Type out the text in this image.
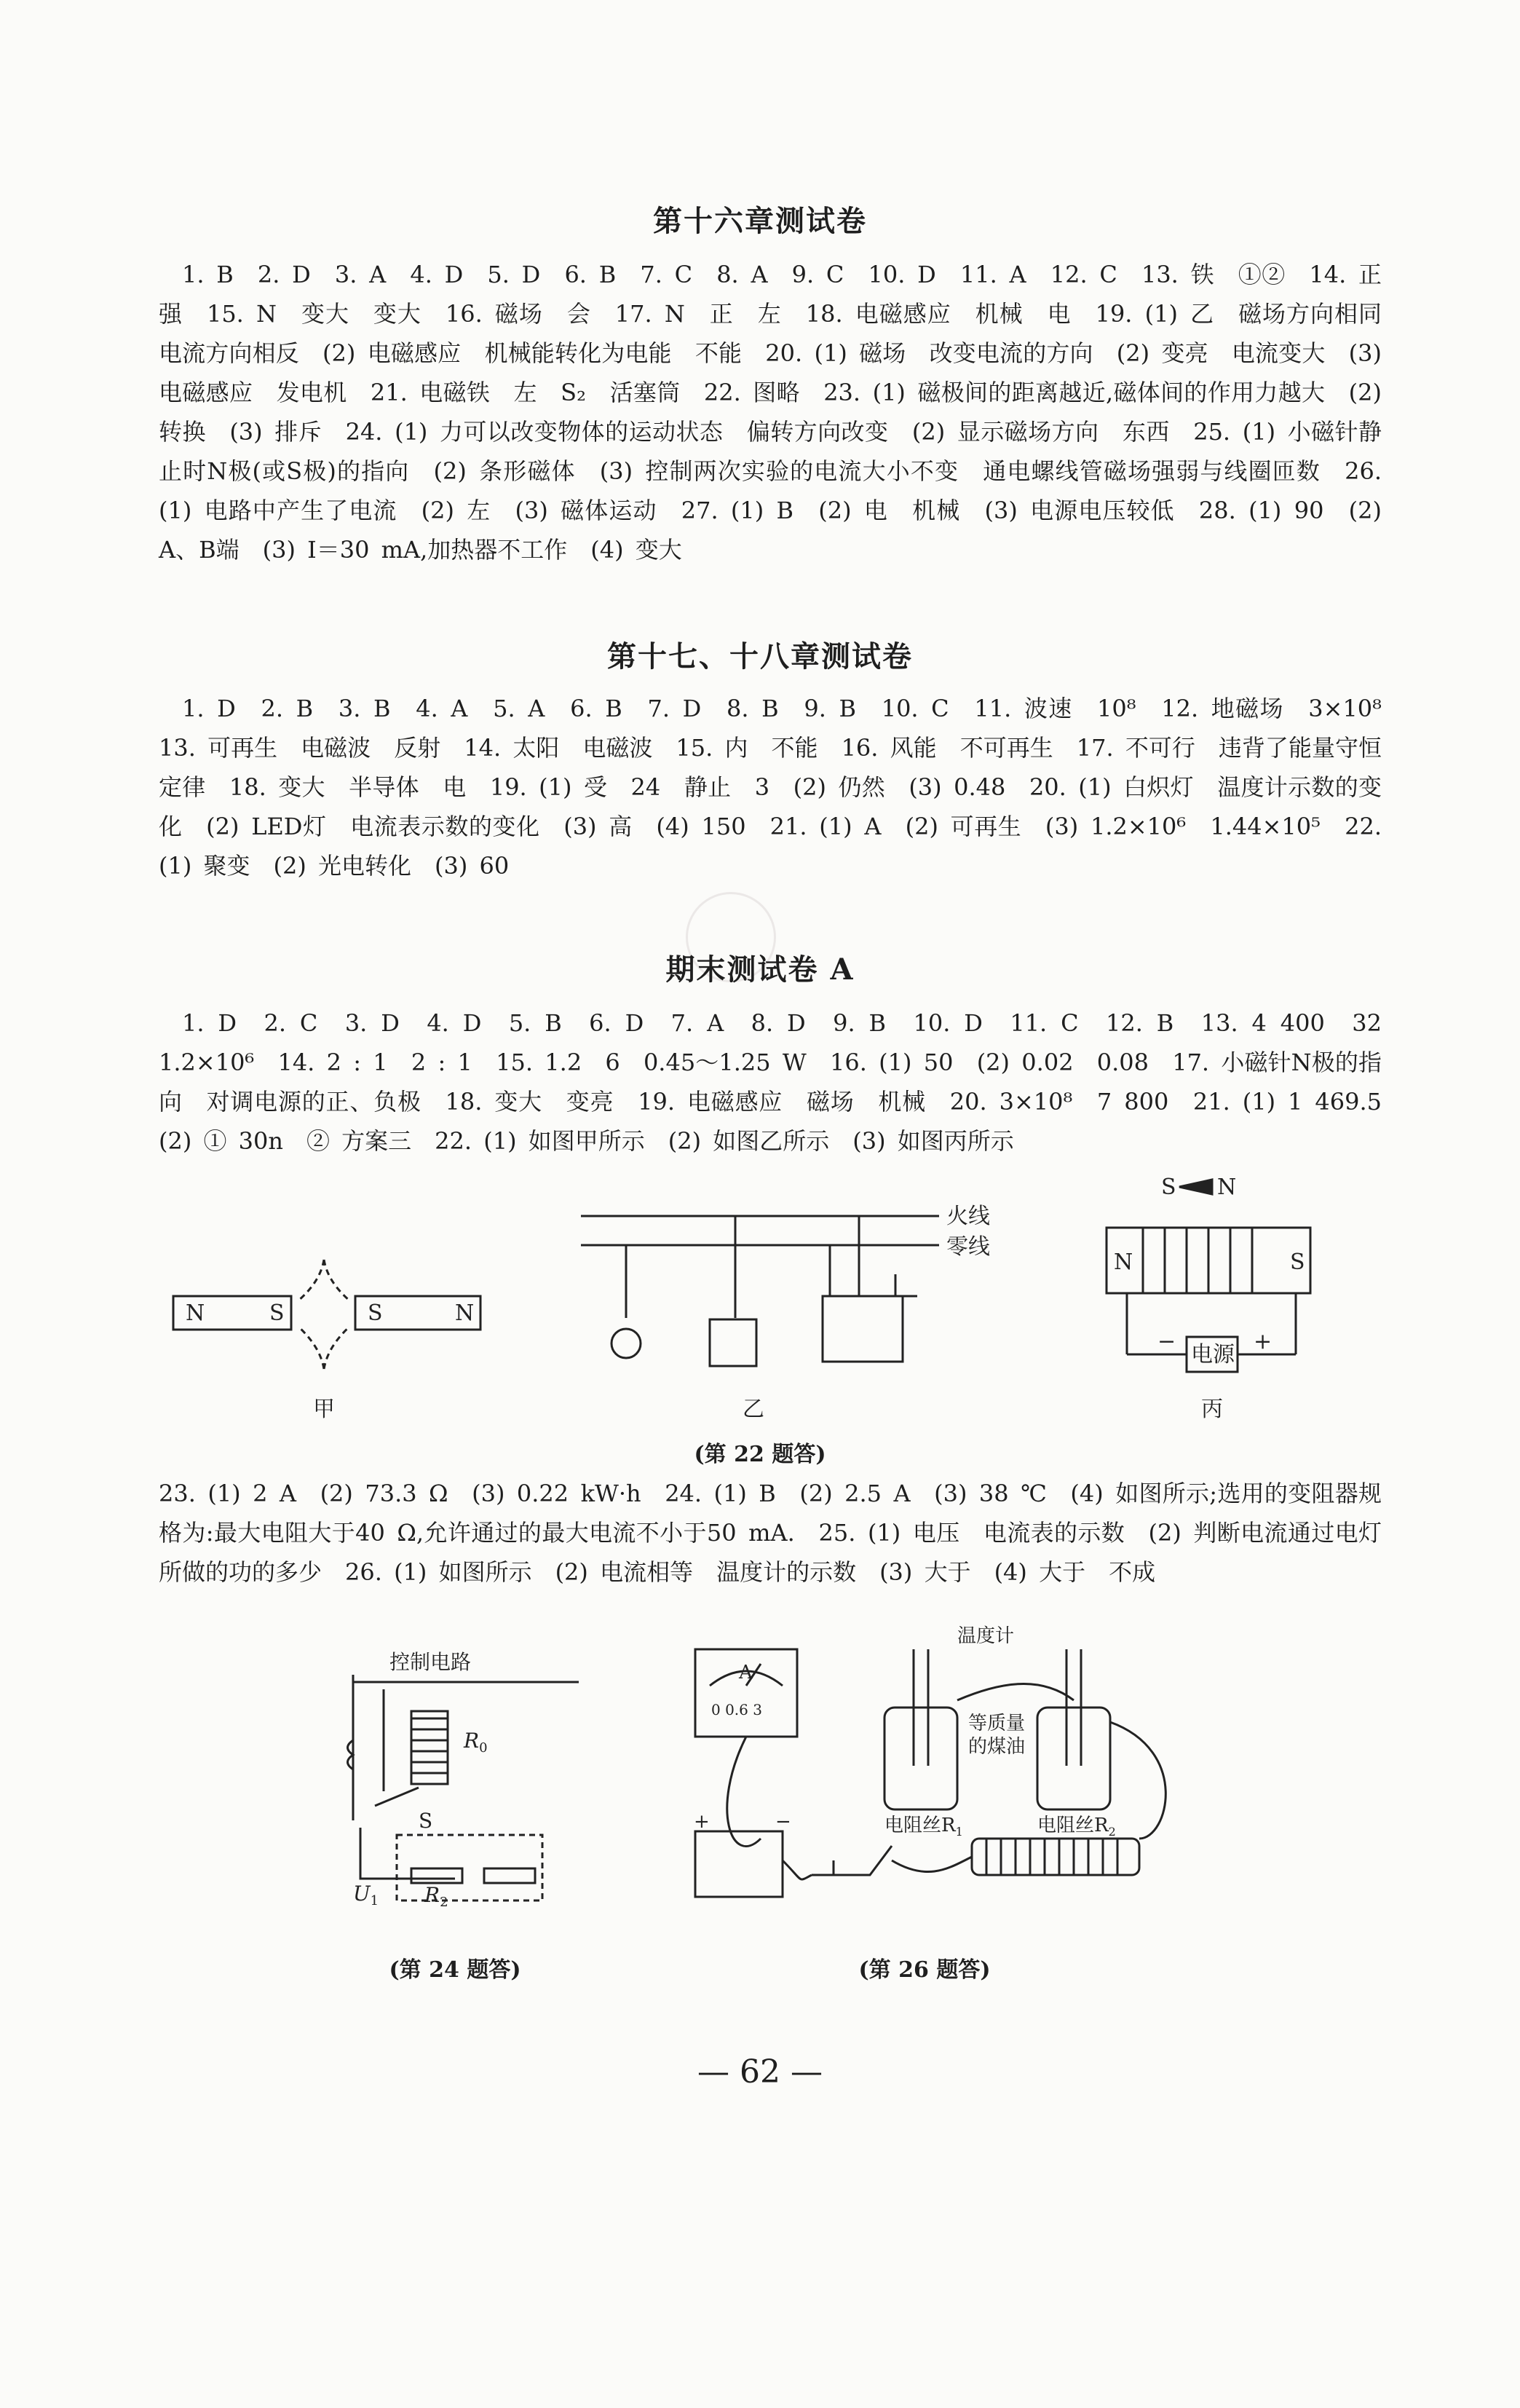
第十六章测试卷
1. B　2. D　3. A　4. D　5. D　6. B　7. C　8. A　9. C　10. D　11. A　12. C　13. 铁　①②　14. 正　强　15. N　变大　变大　16. 磁场　会　17. N　正　左　18. 电磁感应　机械　电　19. (1) 乙　磁场方向相同　电流方向相反　(2) 电磁感应　机械能转化为电能　不能　20. (1) 磁场　改变电流的方向　(2) 变亮　电流变大　(3) 电磁感应　发电机　21. 电磁铁　左　S₂　活塞筒　22. 图略　23. (1) 磁极间的距离越近,磁体间的作用力越大　(2) 转换　(3) 排斥　24. (1) 力可以改变物体的运动状态　偏转方向改变　(2) 显示磁场方向　东西　25. (1) 小磁针静止时N极(或S极)的指向　(2) 条形磁体　(3) 控制两次实验的电流大小不变　通电螺线管磁场强弱与线圈匝数　26. (1) 电路中产生了电流　(2) 左　(3) 磁体运动　27. (1) B　(2) 电　机械　(3) 电源电压较低　28. (1) 90　(2) A、B端　(3) I＝30 mA,加热器不工作　(4) 变大
第十七、十八章测试卷
1. D　2. B　3. B　4. A　5. A　6. B　7. D　8. B　9. B　10. C　11. 波速　10⁸　12. 地磁场　3×10⁸　13. 可再生　电磁波　反射　14. 太阳　电磁波　15. 内　不能　16. 风能　不可再生　17. 不可行　违背了能量守恒定律　18. 变大　半导体　电　19. (1) 受　24　静止　3　(2) 仍然　(3) 0.48　20. (1) 白炽灯　温度计示数的变化　(2) LED灯　电流表示数的变化　(3) 高　(4) 150　21. (1) A　(2) 可再生　(3) 1.2×10⁶　1.44×10⁵　22. (1) 聚变　(2) 光电转化　(3) 60
期末测试卷 A
1. D　2. C　3. D　4. D　5. B　6. D　7. A　8. D　9. B　10. D　11. C　12. B　13. 4 400　32　1.2×10⁶　14. 2 : 1　2 : 1　15. 1.2　6　0.45～1.25 W　16. (1) 50　(2) 0.02　0.08　17. 小磁针N极的指向　对调电源的正、负极　18. 变大　变亮　19. 电磁感应　磁场　机械　20. 3×10⁸　7 800　21. (1) 1 469.5　(2) ① 30n　② 方案三　22. (1) 如图甲所示　(2) 如图乙所示　(3) 如图丙所示
N	S	S	N
甲
火线
零线
乙
S N
N	S
−	+
电源
丙
(第 22 题答)
23. (1) 2 A　(2) 73.3 Ω　(3) 0.22 kW·h　24. (1) B　(2) 2.5 A　(3) 38 ℃　(4) 如图所示;选用的变阻器规格为:最大电阻大于40 Ω,允许通过的最大电流不小于50 mA.　25. (1) 电压　电流表的示数　(2) 判断电流通过电灯所做的功的多少　26. (1) 如图所示　(2) 电流相等　温度计的示数　(3) 大于　(4) 大于　不成
控制电路
$R_0$
S
$U_1$ $R_2$
(第 24 题答)
A
0 0.6 3
温度计
等质量
的煤油
电阻丝$R_1$	电阻丝$R_2$
+	−
(第 26 题答)
— 62 —
